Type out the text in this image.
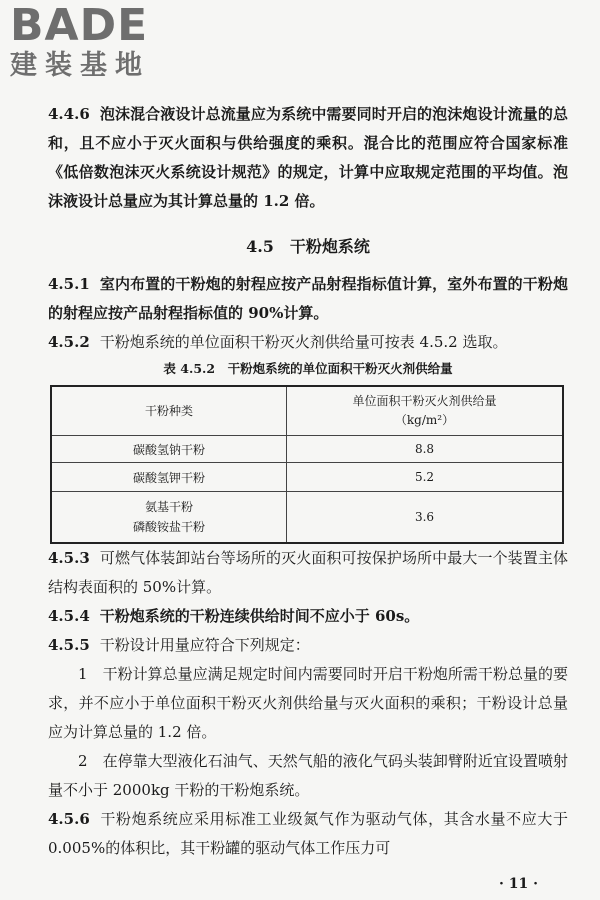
BADE
建装基地

4.4.6 泡沫混合液设计总流量应为系统中需要同时开启的泡沫炮设计流量的总和，且不应小于灭火面积与供给强度的乘积。混合比的范围应符合国家标准《低倍数泡沫灭火系统设计规范》的规定，计算中应取规定范围的平均值。泡沫液设计总量应为其计算总量的 1.2 倍。

4.5　干粉炮系统

4.5.1 室内布置的干粉炮的射程应按产品射程指标值计算，室外布置的干粉炮的射程应按产品射程指标值的 90%计算。

4.5.2 干粉炮系统的单位面积干粉灭火剂供给量可按表 4.5.2 选取。

表 4.5.2　干粉炮系统的单位面积干粉灭火剂供给量
干粉种类	单位面积干粉灭火剂供给量
（kg/m²）

碳酸氢钠干粉	8.8
碳酸氢钾干粉	5.2

氨基干粉
磷酸铵盐干粉	3.6

4.5.3 可燃气体装卸站台等场所的灭火面积可按保护场所中最大一个装置主体结构表面积的 50%计算。

4.5.4 干粉炮系统的干粉连续供给时间不应小于 60s。

4.5.5 干粉设计用量应符合下列规定：

1　干粉计算总量应满足规定时间内需要同时开启干粉炮所需干粉总量的要求，并不应小于单位面积干粉灭火剂供给量与灭火面积的乘积；干粉设计总量应为计算总量的 1.2 倍。

2　在停靠大型液化石油气、天然气船的液化气码头装卸臂附近宜设置喷射量不小于 2000kg 干粉的干粉炮系统。

4.5.6 干粉炮系统应采用标准工业级氮气作为驱动气体，其含水量不应大于 0.005%的体积比，其干粉罐的驱动气体工作压力可

· 11 ·
